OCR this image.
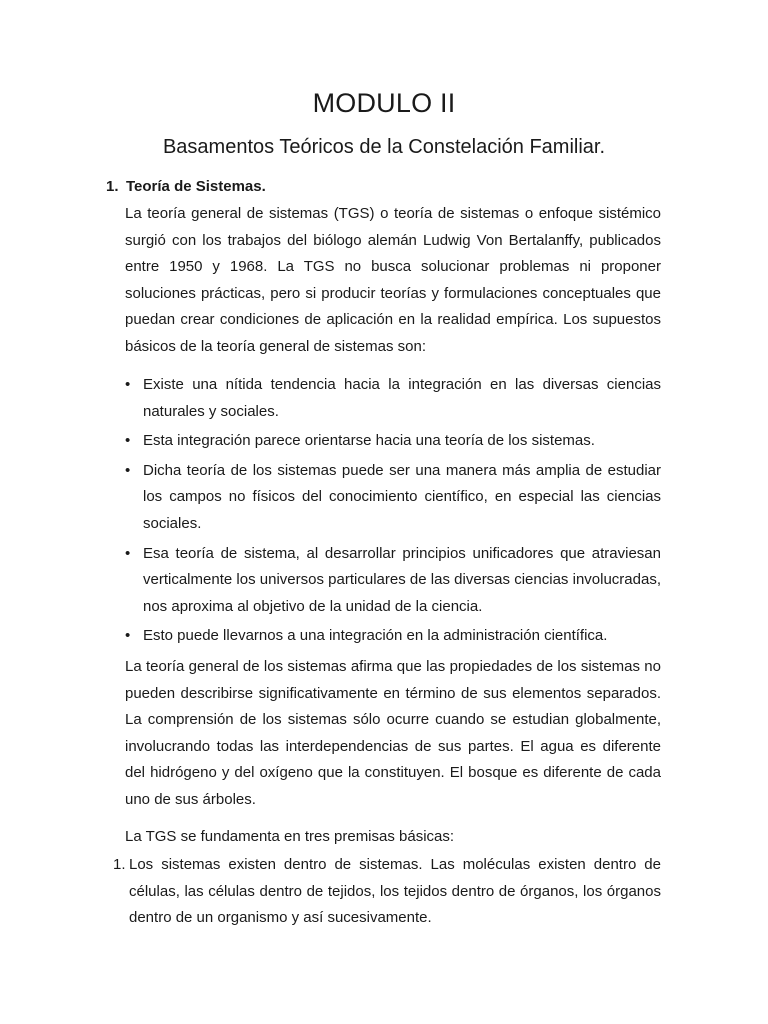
MODULO II
Basamentos Teóricos de la Constelación Familiar.
1. Teoría de Sistemas.

La teoría general de sistemas (TGS) o teoría de sistemas o enfoque sistémico surgió con los trabajos del biólogo alemán Ludwig Von Bertalanffy, publicados entre 1950 y 1968. La TGS no busca solucionar problemas ni proponer soluciones prácticas, pero si producir teorías y formulaciones conceptuales que puedan crear condiciones de aplicación en la realidad empírica. Los supuestos básicos de la teoría general de sistemas son:

• Existe una nítida tendencia hacia la integración en las diversas ciencias naturales y sociales.
• Esta integración parece orientarse hacia una teoría de los sistemas.
• Dicha teoría de los sistemas puede ser una manera más amplia de estudiar los campos no físicos del conocimiento científico, en especial las ciencias sociales.
• Esa teoría de sistema, al desarrollar principios unificadores que atraviesan verticalmente los universos particulares de las diversas ciencias involucradas, nos aproxima al objetivo de la unidad de la ciencia.
• Esto puede llevarnos a una integración en la administración científica.

La teoría general de los sistemas afirma que las propiedades de los sistemas no pueden describirse significativamente en término de sus elementos separados. La comprensión de los sistemas sólo ocurre cuando se estudian globalmente, involucrando todas las interdependencias de sus partes. El agua es diferente del hidrógeno y del oxígeno que la constituyen. El bosque es diferente de cada uno de sus árboles.

La TGS se fundamenta en tres premisas básicas:

1. Los sistemas existen dentro de sistemas. Las moléculas existen dentro de células, las células dentro de tejidos, los tejidos dentro de órganos, los órganos dentro de un organismo y así sucesivamente.
